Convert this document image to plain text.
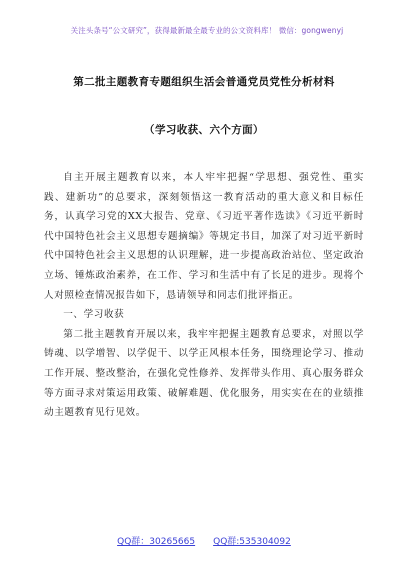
关注头条号“公文研究”，获得最新最全最专业的公文资料库！ 微信：gongwenyj
第二批主题教育专题组织生活会普通党员党性分析材料
（学习收获、六个方面）

自主开展主题教育以来，本人牢牢把握“学思想、强党性、重实践、建新功”的总要求，深刻领悟这一教育活动的重大意义和目标任务，认真学习党的XX大报告、党章、《习近平著作选读》《习近平新时代中国特色社会主义思想专题摘编》等规定书目，加深了对习近平新时代中国特色社会主义思想的认识理解，进一步提高政治站位、坚定政治立场、锤炼政治素养，在工作、学习和生活中有了长足的进步。现将个人对照检查情况报告如下，恳请领导和同志们批评指正。

一、学习收获

第二批主题教育开展以来，我牢牢把握主题教育总要求，对照以学铸魂、以学增智、以学促干、以学正风根本任务，围绕理论学习、推动工作开展、整改整治，在强化党性修养、发挥带头作用、真心服务群众等方面寻求对策运用政策、破解难题、优化服务，用实实在在的业绩推动主题教育见行见效。

QQ群：30265665 QQ群:535304092
